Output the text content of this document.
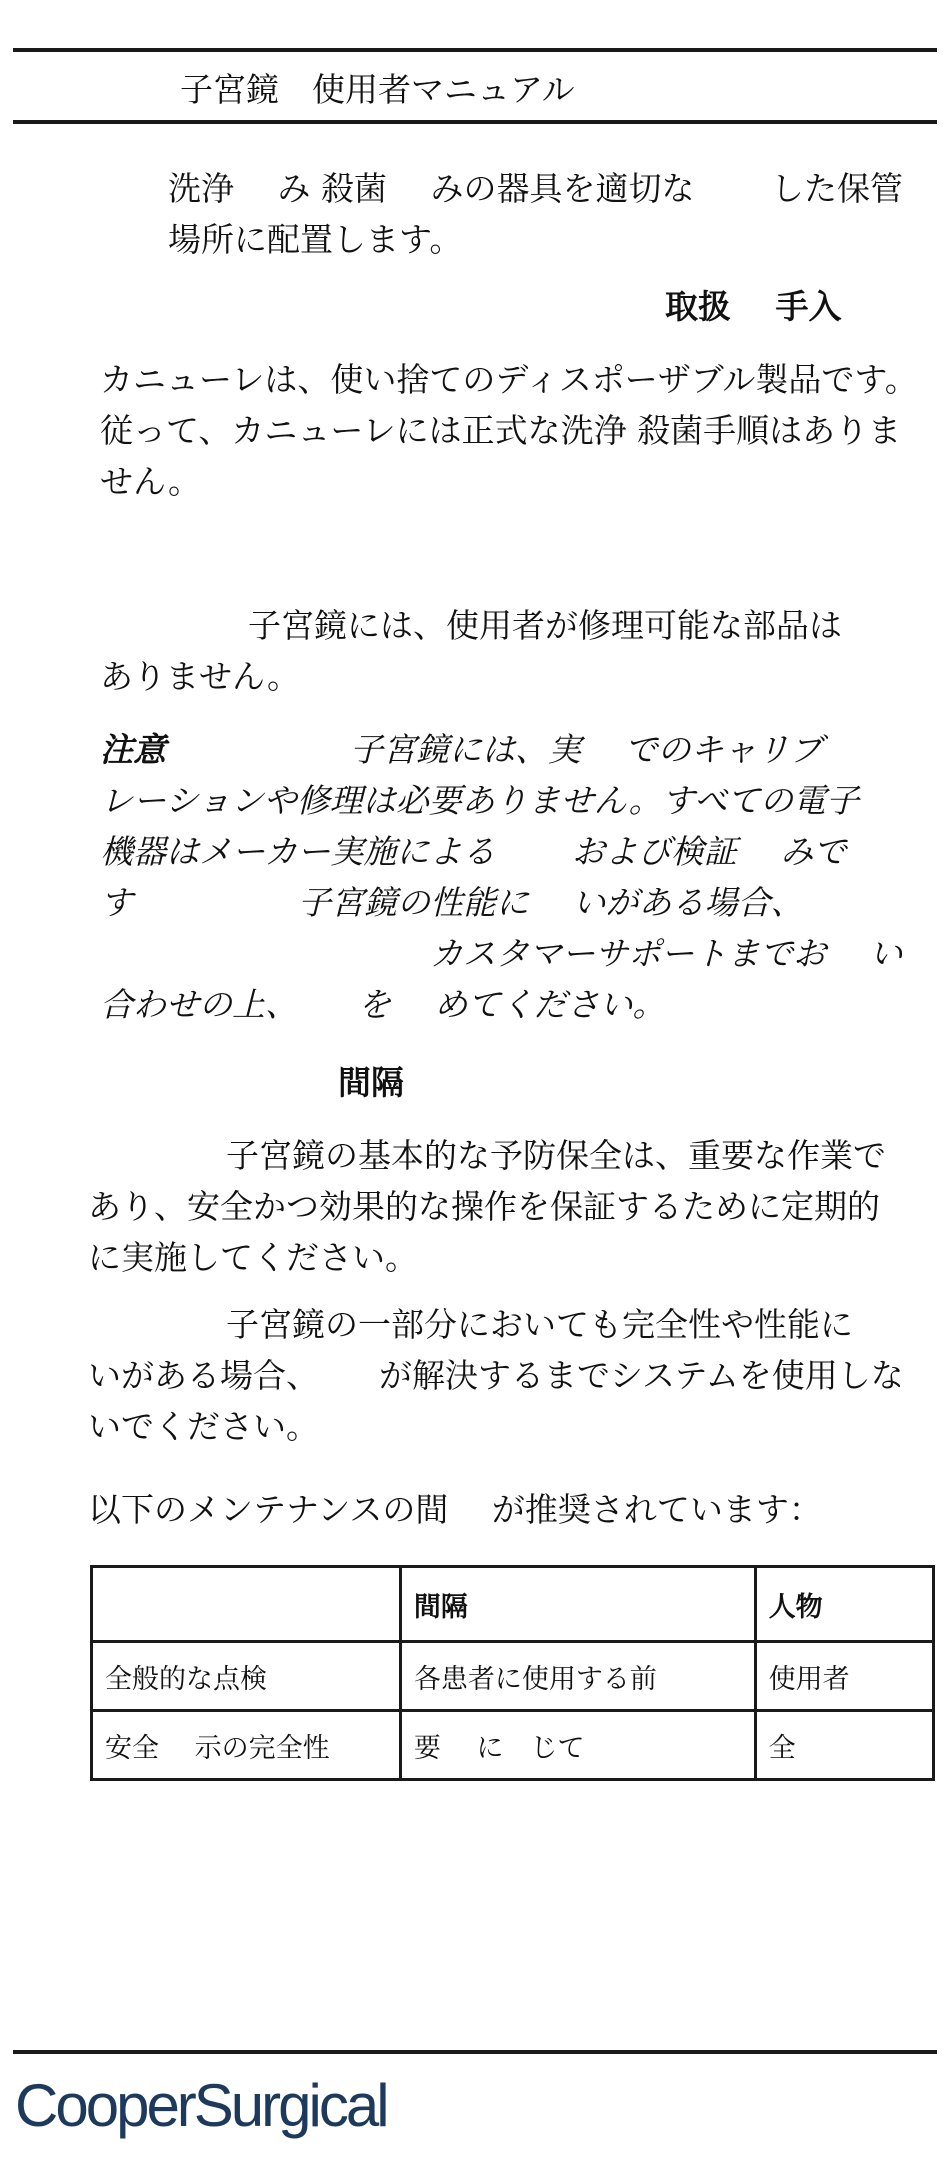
子宮鏡　使用者マニュアル
洗浄　 み 殺菌　 みの器具を適切な　　 した保管
場所に配置します。
取扱　 手入
カニューレは、使い捨てのディスポーザブル製品です。
従って、カニューレには正式な洗浄 殺菌手順はありま
せん。
子宮鏡には、使用者が修理可能な部品は
ありません。
注意	子宮鏡には、実　 でのキャリブ
レーションや修理は必要ありません。すべての電子
機器はメーカー実施による　　 および検証　 みで
す　　　　　子宮鏡の性能に　 いがある場合、
カスタマーサポートまでお　 い
合わせの上、　　 を　 めてください。
間隔
子宮鏡の基本的な予防保全は、重要な作業で
あり、安全かつ効果的な操作を保証するために定期的
に実施してください。
子宮鏡の一部分においても完全性や性能に
いがある場合、　　 が解決するまでシステムを使用しな
いでください。
以下のメンテナンスの間　 が推奨されています：
	間隔	人物
全般的な点検	各患者に使用する前	使用者
安全　 示の完全性	要　 に　じて	全
CooperSurgical
